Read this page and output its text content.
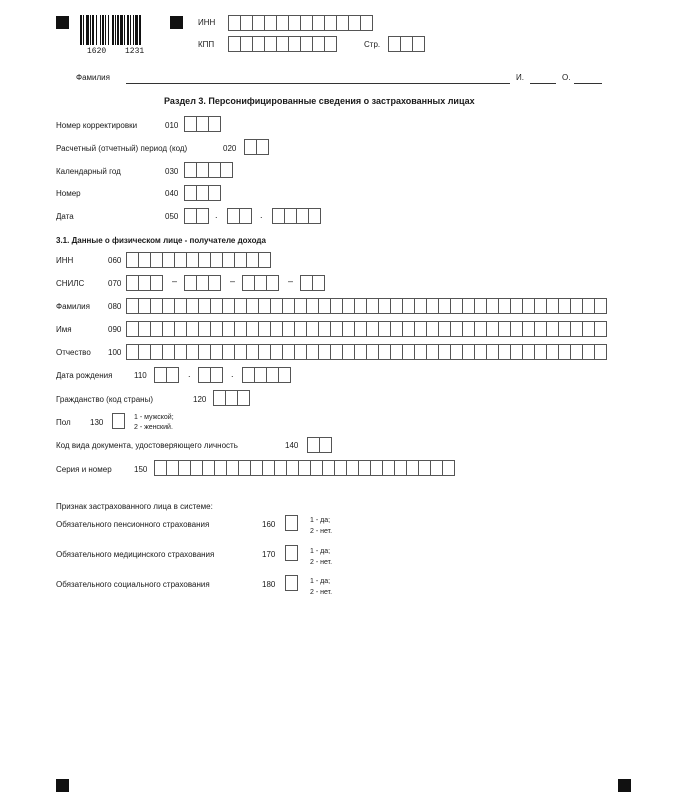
1620 1231
ИНН
КПП	Стр.
Фамилия	И.	О.
Раздел 3. Персонифицированные сведения о застрахованных лицах
Номер корректировки	010
Расчетный (отчетный) период (код)	020
Календарный год	030
Номер	040
Дата	050	.	.
3.1. Данные о физическом лице - получателе дохода
ИНН	060
СНИЛС	070	–	–	–
Фамилия 080
Имя	090
Отчество 100
Дата рождения	110	.	.
Гражданство (код страны)	120
Пол 130
1 - мужской;
2 - женский.
Код вида документа, удостоверяющего личность	140
Серия и номер	150
Признак застрахованного лица в системе:
Обязательного пенсионного страхования	160	1 - да;
2 - нет.
Обязательного медицинского страхования	170	1 - да;
2 - нет.
Обязательного социального страхования	180	1 - да;
2 - нет.
